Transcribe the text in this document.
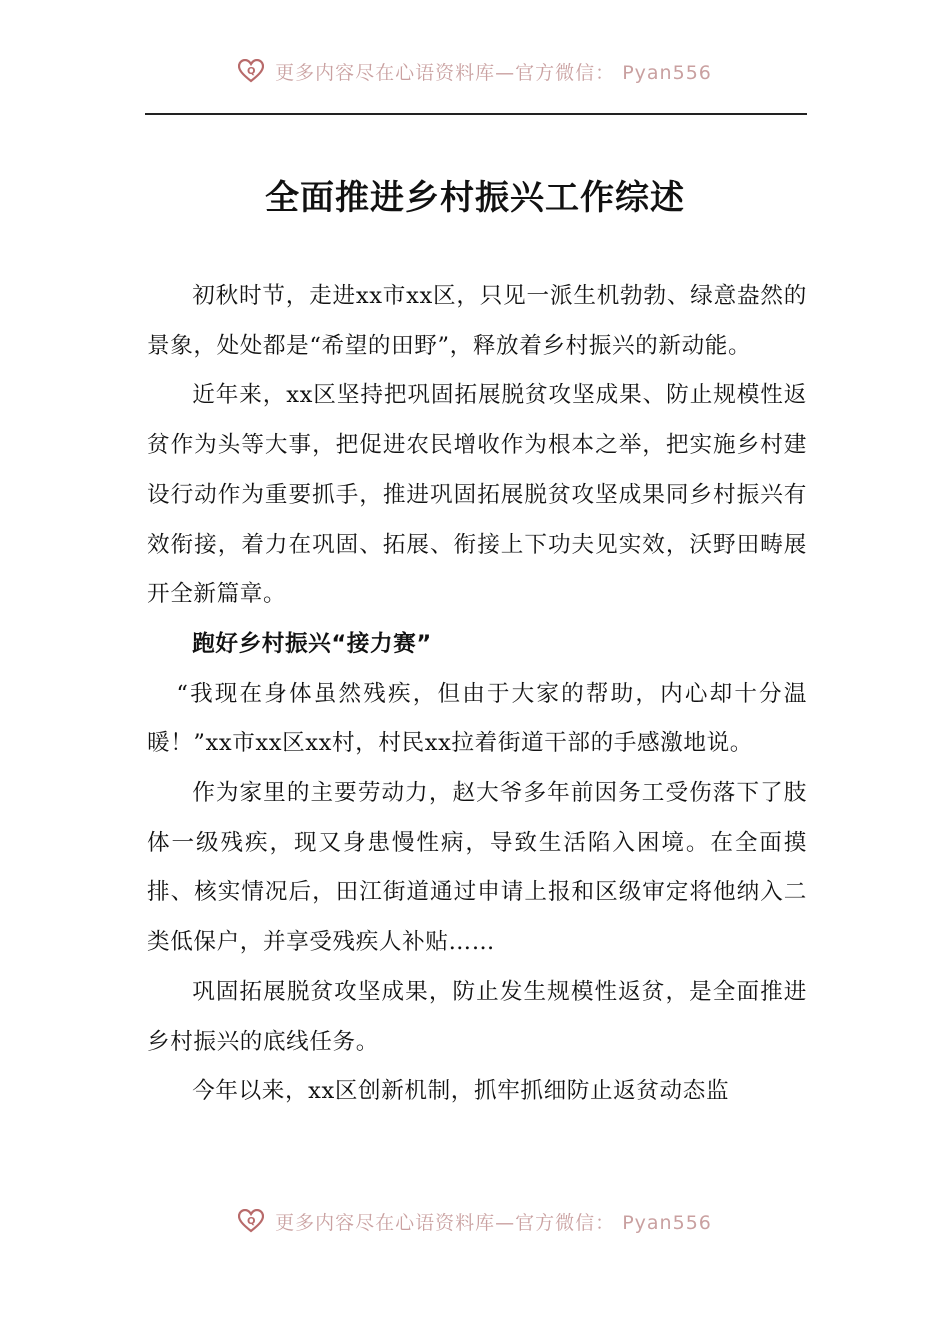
Q 更多内容尽在心语资料库—官方微信： Pyan556
全面推进乡村振兴工作综述

初秋时节，走进xx市xx区，只见一派生机勃勃、绿意盎然的景象，处处都是“希望的田野”，释放着乡村振兴的新动能。

近年来，xx区坚持把巩固拓展脱贫攻坚成果、防止规模性返贫作为头等大事，把促进农民增收作为根本之举，把实施乡村建设行动作为重要抓手，推进巩固拓展脱贫攻坚成果同乡村振兴有效衔接，着力在巩固、拓展、衔接上下功夫见实效，沃野田畴展开全新篇章。

跑好乡村振兴“接力赛”

“我现在身体虽然残疾，但由于大家的帮助，内心却十分温暖！”xx市xx区xx村，村民xx拉着街道干部的手感激地说。

作为家里的主要劳动力，赵大爷多年前因务工受伤落下了肢体一级残疾，现又身患慢性病，导致生活陷入困境。在全面摸排、核实情况后，田江街道通过申请上报和区级审定将他纳入二类低保户，并享受残疾人补贴……

巩固拓展脱贫攻坚成果，防止发生规模性返贫，是全面推进乡村振兴的底线任务。

今年以来，xx区创新机制，抓牢抓细防止返贫动态监

Q 更多内容尽在心语资料库—官方微信： Pyan556
